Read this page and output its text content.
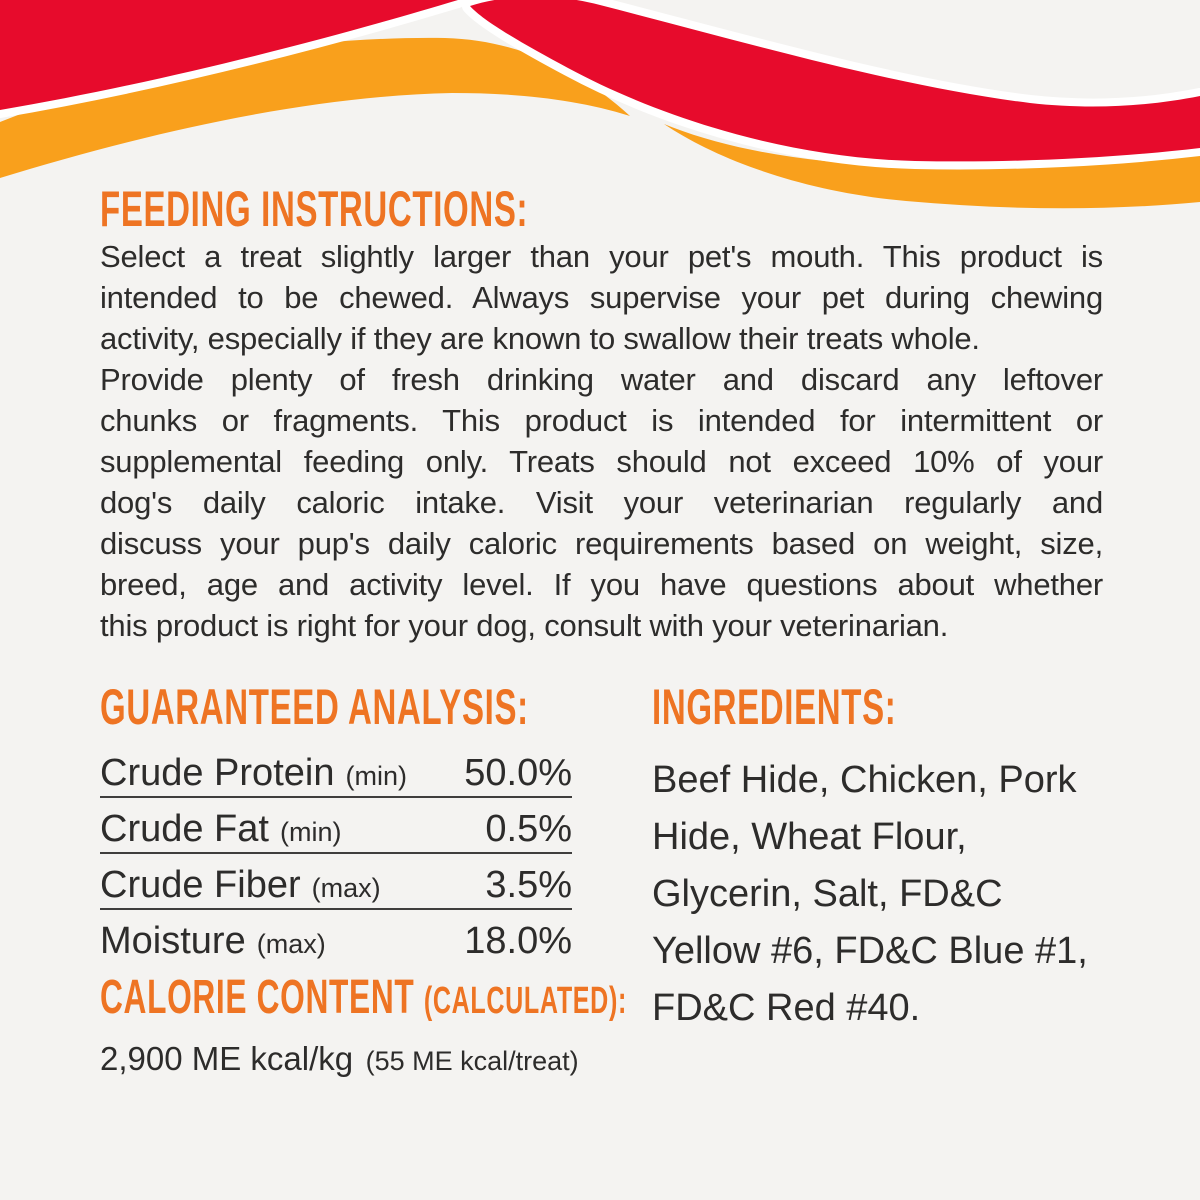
FEEDING INSTRUCTIONS:
Select a treat slightly larger than your pet's mouth. This product is
intended to be chewed. Always supervise your pet during chewing
activity, especially if they are known to swallow their treats whole.
Provide plenty of fresh drinking water and discard any leftover
chunks or fragments. This product is intended for intermittent or
supplemental feeding only. Treats should not exceed 10% of your
dog's daily caloric intake. Visit your veterinarian regularly and
discuss your pup's daily caloric requirements based on weight, size,
breed, age and activity level. If you have questions about whether
this product is right for your dog, consult with your veterinarian.
GUARANTEED ANALYSIS:
Crude Protein (min) 50.0%
Crude Fat (min)	0.5%
Crude Fiber (max)	3.5%
Moisture (max)	18.0%
CALORIE CONTENT (CALCULATED):
2,900 ME kcal/kg (55 ME kcal/treat)
INGREDIENTS:
Beef Hide, Chicken, Pork Hide, Wheat Flour, Glycerin, Salt, FD&C Yellow #6, FD&C Blue #1, FD&C Red #40.
